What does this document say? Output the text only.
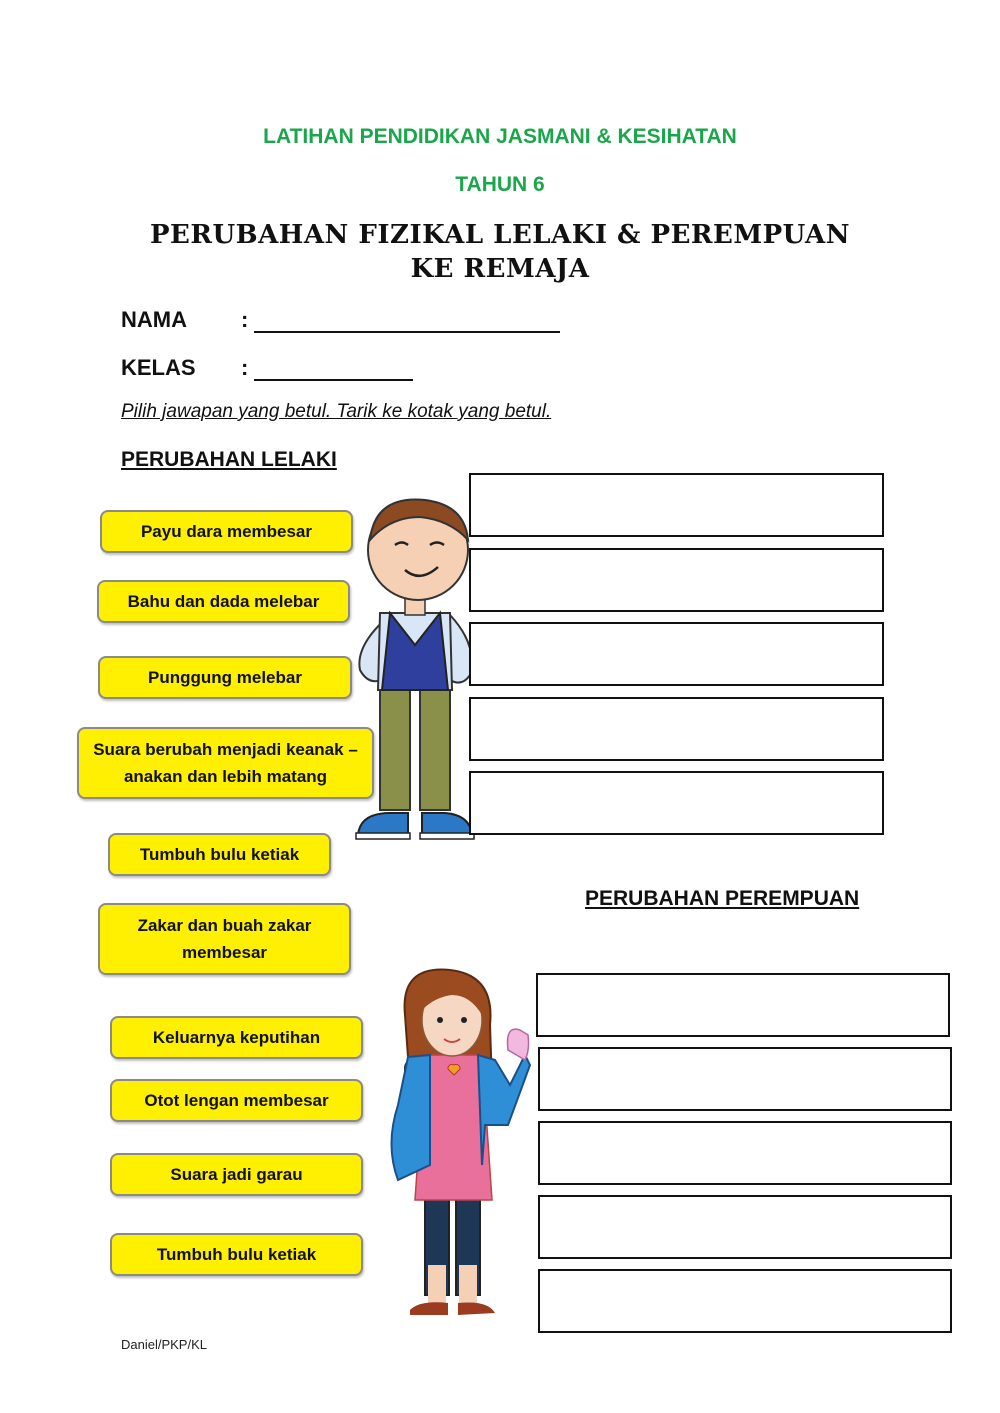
LATIHAN PENDIDIKAN JASMANI & KESIHATAN
TAHUN 6
PERUBAHAN FIZIKAL LELAKI & PEREMPUAN KE REMAJA
NAMA :
KELAS :
Pilih jawapan yang betul. Tarik ke kotak yang betul.
PERUBAHAN LELAKI
PERUBAHAN PEREMPUAN
Payu dara membesar
Bahu dan dada melebar
Punggung melebar
Suara berubah menjadi keanak – anakan dan lebih matang
Tumbuh bulu ketiak
Zakar dan buah zakar membesar
Keluarnya keputihan
Otot lengan membesar
Suara jadi garau
Tumbuh bulu ketiak
Daniel/PKP/KL
